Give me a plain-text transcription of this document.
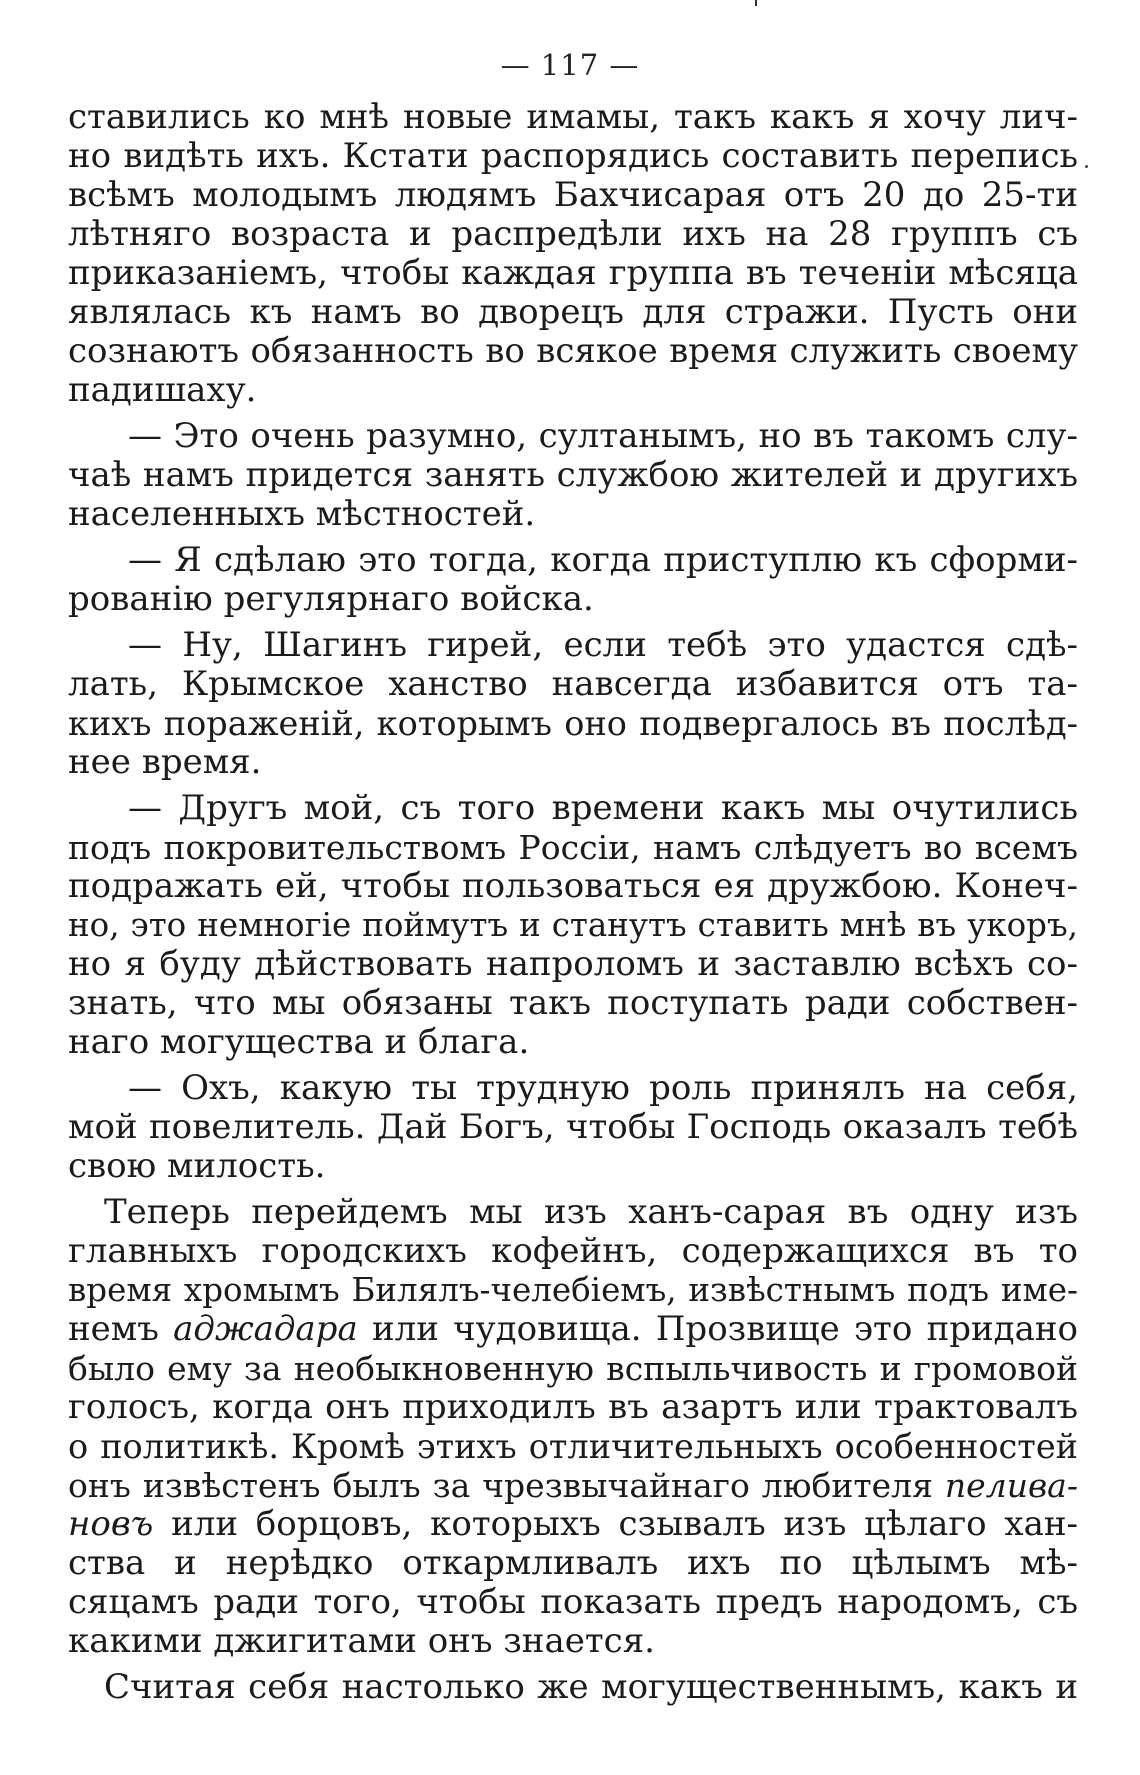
— 117 —

ставились ко мнѣ новые имамы, такъ какъ я хочу лич-
но видѣть ихъ. Кстати распорядись составить перепись
всѣмъ молодымъ людямъ Бахчисарая отъ 20 до 25-ти
лѣтняго возраста и распредѣли ихъ на 28 группъ съ
приказаніемъ, чтобы каждая группа въ теченіи мѣсяца
являлась къ намъ во дворецъ для стражи. Пусть они
сознаютъ обязанность во всякое время служить своему
падишаху.

— Это очень разумно, султанымъ, но въ такомъ слу-
чаѣ намъ придется занять службою жителей и другихъ
населенныхъ мѣстностей.

— Я сдѣлаю это тогда, когда приступлю къ сформи-
рованію регулярнаго войска.

— Ну, Шагинъ гирей, если тебѣ это удастся сдѣ-
лать, Крымское ханство навсегда избавится отъ та-
кихъ пораженій, которымъ оно подвергалось въ послѣд-
нее время.

— Другъ мой, съ того времени какъ мы очутились
подъ покровительствомъ Россіи, намъ слѣдуетъ во всемъ
подражать ей, чтобы пользоваться ея дружбою. Конеч-
но, это немногіе поймутъ и станутъ ставить мнѣ въ укоръ,
но я буду дѣйствовать напроломъ и заставлю всѣхъ со-
знать, что мы обязаны такъ поступать ради собствен-
наго могущества и блага.

— Охъ, какую ты трудную роль принялъ на себя,
мой повелитель. Дай Богъ, чтобы Господь оказалъ тебѣ
свою милость.

Теперь перейдемъ мы изъ ханъ-сарая въ одну изъ
главныхъ городскихъ кофейнъ, содержащихся въ то
время хромымъ Билялъ-челебіемъ, извѣстнымъ подъ име-
немъ аджадара или чудовища. Прозвище это придано
было ему за необыкновенную вспыльчивость и громовой
голосъ, когда онъ приходилъ въ азартъ или трактовалъ
о политикѣ. Кромѣ этихъ отличительныхъ особенностей
онъ извѣстенъ былъ за чрезвычайнаго любителя пелива-
новъ или борцовъ, которыхъ сзывалъ изъ цѣлаго хан-
ства и нерѣдко откармливалъ ихъ по цѣлымъ мѣ-
сяцамъ ради того, чтобы показать предъ народомъ, съ
какими джигитами онъ знается.

Считая себя настолько же могущественнымъ, какъ и
